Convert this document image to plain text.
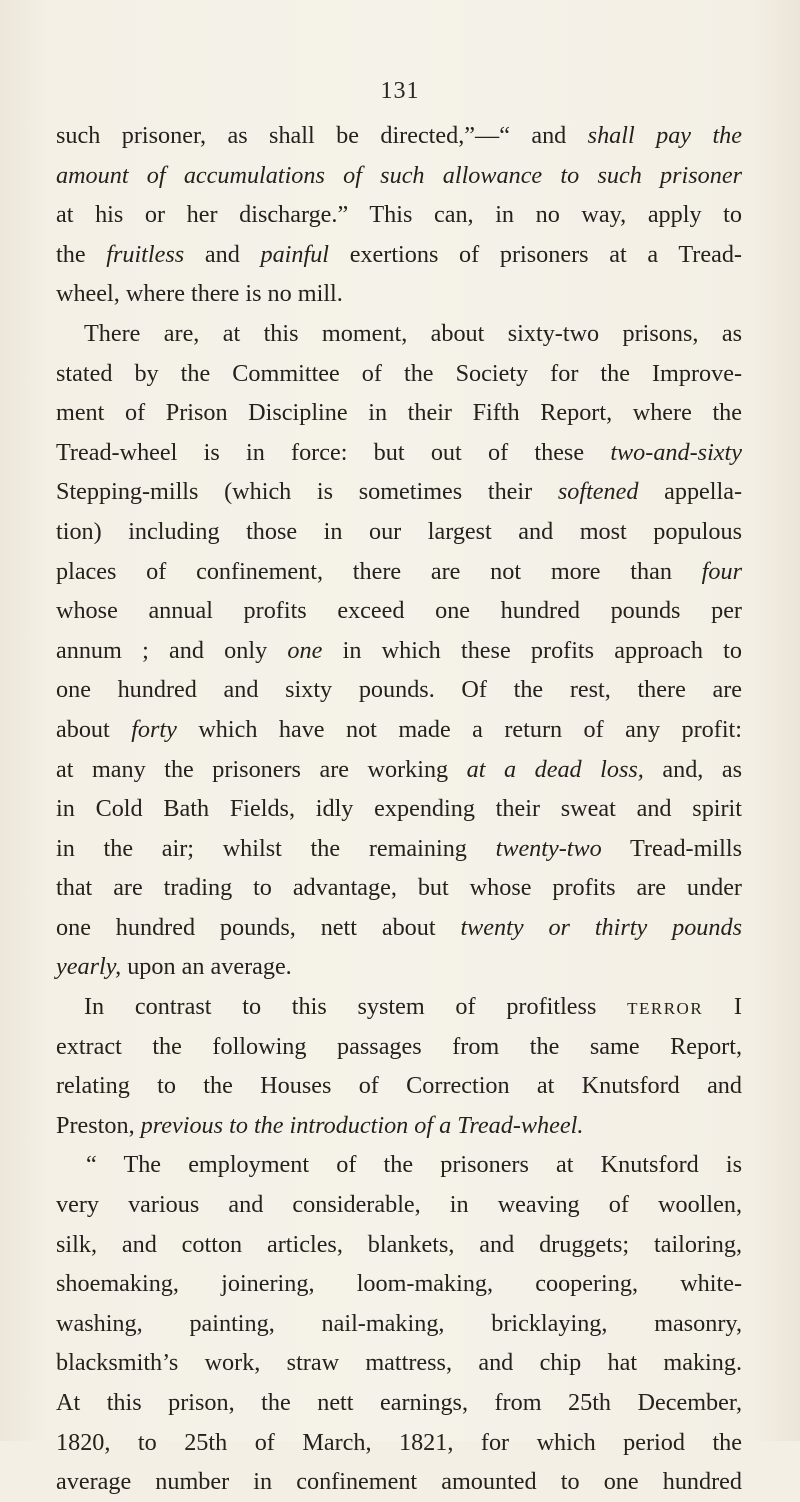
131
such prisoner, as shall be directed,”—“ and shall pay the
amount of accumulations of such allowance to such prisoner
at his or her discharge.” This can, in no way, apply to
the fruitless and painful exertions of prisoners at a Tread-
wheel, where there is no mill.
There are, at this moment, about sixty-two prisons, as
stated by the Committee of the Society for the Improve-
ment of Prison Discipline in their Fifth Report, where the
Tread-wheel is in force: but out of these two-and-sixty
Stepping-mills (which is sometimes their softened appella-
tion) including those in our largest and most populous
places of confinement, there are not more than four
whose annual profits exceed one hundred pounds per
annum ; and only one in which these profits approach to
one hundred and sixty pounds. Of the rest, there are
about forty which have not made a return of any profit:
at many the prisoners are working at a dead loss, and, as
in Cold Bath Fields, idly expending their sweat and spirit
in the air; whilst the remaining twenty-two Tread-mills
that are trading to advantage, but whose profits are under
one hundred pounds, nett about twenty or thirty pounds
yearly, upon an average.
In contrast to this system of profitless TERROR I
extract the following passages from the same Report,
relating to the Houses of Correction at Knutsford and
Preston, previous to the introduction of a Tread-wheel.
“ The employment of the prisoners at Knutsford is
very various and considerable, in weaving of woollen,
silk, and cotton articles, blankets, and druggets; tailoring,
shoemaking, joinering, loom-making, coopering, white-
washing, painting, nail-making, bricklaying, masonry,
blacksmith’s work, straw mattress, and chip hat making.
At this prison, the nett earnings, from 25th December,
1820, to 25th of March, 1821, for which period the
average number in confinement amounted to one hundred
